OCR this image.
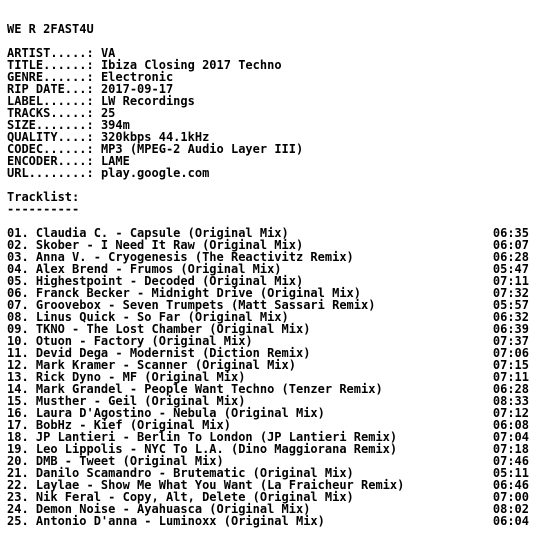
WE R 2FAST4U
ARTIST.....: VA
TITLE......: Ibiza Closing 2017 Techno
GENRE......: Electronic
RIP DATE...: 2017-09-17
LABEL......: LW Recordings
TRACKS.....: 25
SIZE.......: 394m
QUALITY....: 320kbps 44.1kHz
CODEC......: MP3 (MPEG-2 Audio Layer III)
ENCODER....: LAME
URL........: play.google.com
Tracklist:
----------
01. Claudia C. - Capsule (Original Mix)	06:35
02. Skober - I Need It Raw (Original Mix)	06:07
03. Anna V. - Cryogenesis (The Reactivitz Remix)	06:28
04. Alex Brend - Frumos (Original Mix)	05:47
05. Highestpoint - Decoded (Original Mix)	07:11
06. Franck Becker - Midnight Drive (Original Mix)	07:32
07. Groovebox - Seven Trumpets (Matt Sassari Remix)	05:57
08. Linus Quick - So Far (Original Mix)	06:32
09. TKNO - The Lost Chamber (Original Mix)	06:39
10. Otuon - Factory (Original Mix)	07:37
11. Devid Dega - Modernist (Diction Remix)	07:06
12. Mark Kramer - Scanner (Original Mix)	07:15
13. Rick Dyno - MF (Original Mix)	07:11
14. Mark Grandel - People Want Techno (Tenzer Remix)	06:28
15. Musther - Geil (Original Mix)	08:33
16. Laura D'Agostino - Nebula (Original Mix)	07:12
17. BobHz - Kief (Original Mix)	06:08
18. JP Lantieri - Berlin To London (JP Lantieri Remix)	07:04
19. Leo Lippolis - NYC To L.A. (Dino Maggiorana Remix)	07:18
20. DMB - Tweet (Original Mix)	07:46
21. Danilo Scamandro - Brutematic (Original Mix)	05:11
22. Laylae - Show Me What You Want (La Fraicheur Remix)	06:46
23. Nik Feral - Copy, Alt, Delete (Original Mix)	07:00
24. Demon Noise - Ayahuasca (Original Mix)	08:02
25. Antonio D'anna - Luminoxx (Original Mix)	06:04
